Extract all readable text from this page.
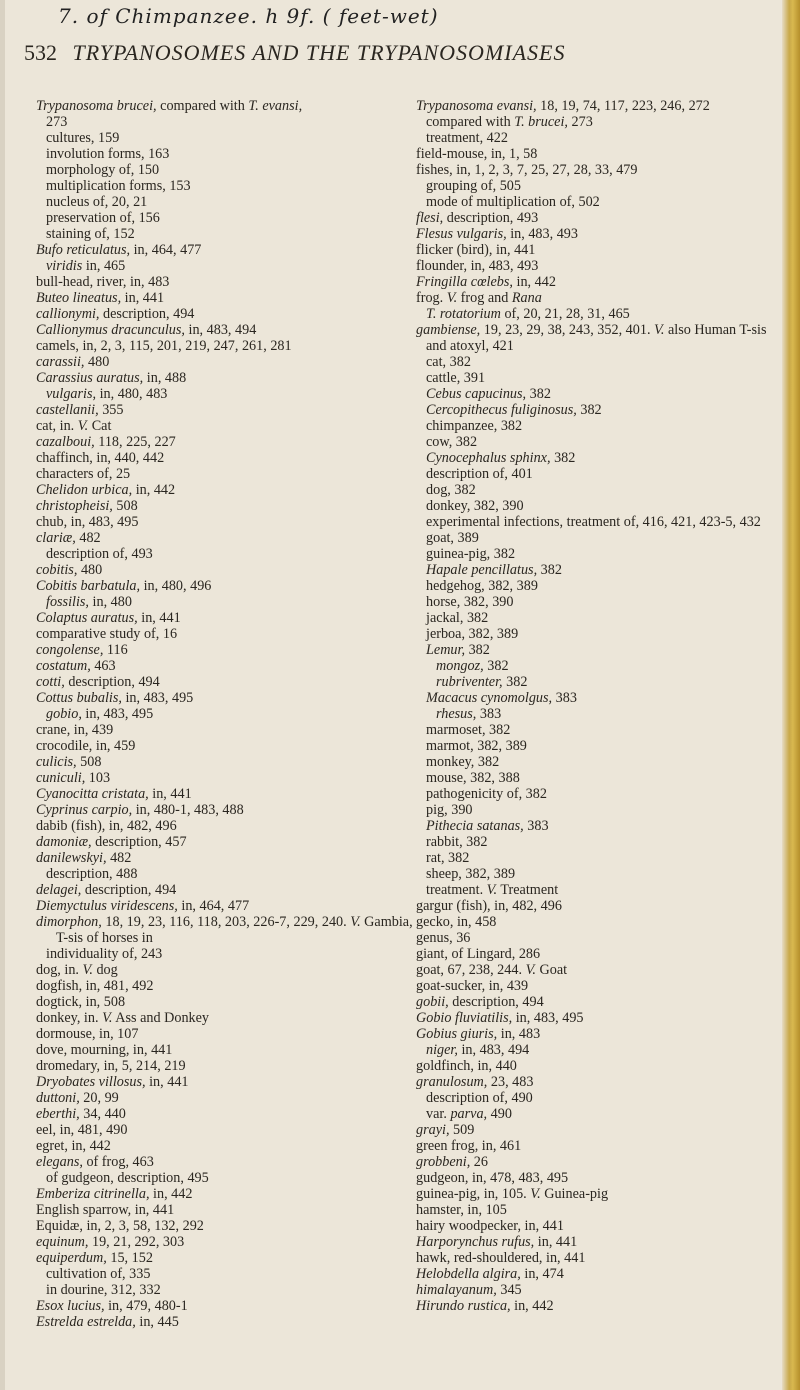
7. of Chimpanzee. h 9f. ( feet-wet)
532 TRYPANOSOMES AND THE TRYPANOSOMIASES
Trypanosoma brucei, compared with T. evansi,
273
cultures, 159
involution forms, 163
morphology of, 150
multiplication forms, 153
nucleus of, 20, 21
preservation of, 156
staining of, 152
Bufo reticulatus, in, 464, 477
viridis in, 465
bull-head, river, in, 483
Buteo lineatus, in, 441
callionymi, description, 494
Callionymus dracunculus, in, 483, 494
camels, in, 2, 3, 115, 201, 219, 247, 261, 281
carassii, 480
Carassius auratus, in, 488
vulgaris, in, 480, 483
castellanii, 355
cat, in. V. Cat
cazalboui, 118, 225, 227
chaffinch, in, 440, 442
characters of, 25
Chelidon urbica, in, 442
christopheisi, 508
chub, in, 483, 495
clariæ, 482
description of, 493
cobitis, 480
Cobitis barbatula, in, 480, 496
fossilis, in, 480
Colaptus auratus, in, 441
comparative study of, 16
congolense, 116
costatum, 463
cotti, description, 494
Cottus bubalis, in, 483, 495
gobio, in, 483, 495
crane, in, 439
crocodile, in, 459
culicis, 508
cuniculi, 103
Cyanocitta cristata, in, 441
Cyprinus carpio, in, 480-1, 483, 488
dabib (fish), in, 482, 496
damoniæ, description, 457
danilewskyi, 482
description, 488
delagei, description, 494
Diemyctulus viridescens, in, 464, 477
dimorphon, 18, 19, 23, 116, 118, 203, 226-7, 229, 240. V. Gambia, T-sis of horses in
individuality of, 243
dog, in. V. dog
dogfish, in, 481, 492
dogtick, in, 508
donkey, in. V. Ass and Donkey
dormouse, in, 107
dove, mourning, in, 441
dromedary, in, 5, 214, 219
Dryobates villosus, in, 441
duttoni, 20, 99
eberthi, 34, 440
eel, in, 481, 490
egret, in, 442
elegans, of frog, 463
of gudgeon, description, 495
Emberiza citrinella, in, 442
English sparrow, in, 441
Equidæ, in, 2, 3, 58, 132, 292
equinum, 19, 21, 292, 303
equiperdum, 15, 152
cultivation of, 335
in dourine, 312, 332
Esox lucius, in, 479, 480-1
Estrelda estrelda, in, 445
Trypanosoma evansi, 18, 19, 74, 117, 223, 246, 272
compared with T. brucei, 273
treatment, 422
field-mouse, in, 1, 58
fishes, in, 1, 2, 3, 7, 25, 27, 28, 33, 479
grouping of, 505
mode of multiplication of, 502
flesi, description, 493
Flesus vulgaris, in, 483, 493
flicker (bird), in, 441
flounder, in, 483, 493
Fringilla cœlebs, in, 442
frog. V. frog and Rana
T. rotatorium of, 20, 21, 28, 31, 465
gambiense, 19, 23, 29, 38, 243, 352, 401. V. also Human T-sis
and atoxyl, 421
cat, 382
cattle, 391
Cebus capucinus, 382
Cercopithecus fuliginosus, 382
chimpanzee, 382
cow, 382
Cynocephalus sphinx, 382
description of, 401
dog, 382
donkey, 382, 390
experimental infections, treatment of, 416, 421, 423-5, 432
goat, 389
guinea-pig, 382
Hapale pencillatus, 382
hedgehog, 382, 389
horse, 382, 390
jackal, 382
jerboa, 382, 389
Lemur, 382
mongoz, 382
rubriventer, 382
Macacus cynomolgus, 383
rhesus, 383
marmoset, 382
marmot, 382, 389
monkey, 382
mouse, 382, 388
pathogenicity of, 382
pig, 390
Pithecia satanas, 383
rabbit, 382
rat, 382
sheep, 382, 389
treatment. V. Treatment
gargur (fish), in, 482, 496
gecko, in, 458
genus, 36
giant, of Lingard, 286
goat, 67, 238, 244. V. Goat
goat-sucker, in, 439
gobii, description, 494
Gobio fluviatilis, in, 483, 495
Gobius giuris, in, 483
niger, in, 483, 494
goldfinch, in, 440
granulosum, 23, 483
description of, 490
var. parva, 490
grayi, 509
green frog, in, 461
grobbeni, 26
gudgeon, in, 478, 483, 495
guinea-pig, in, 105. V. Guinea-pig
hamster, in, 105
hairy woodpecker, in, 441
Harporynchus rufus, in, 441
hawk, red-shouldered, in, 441
Helobdella algira, in, 474
himalayanum, 345
Hirundo rustica, in, 442
